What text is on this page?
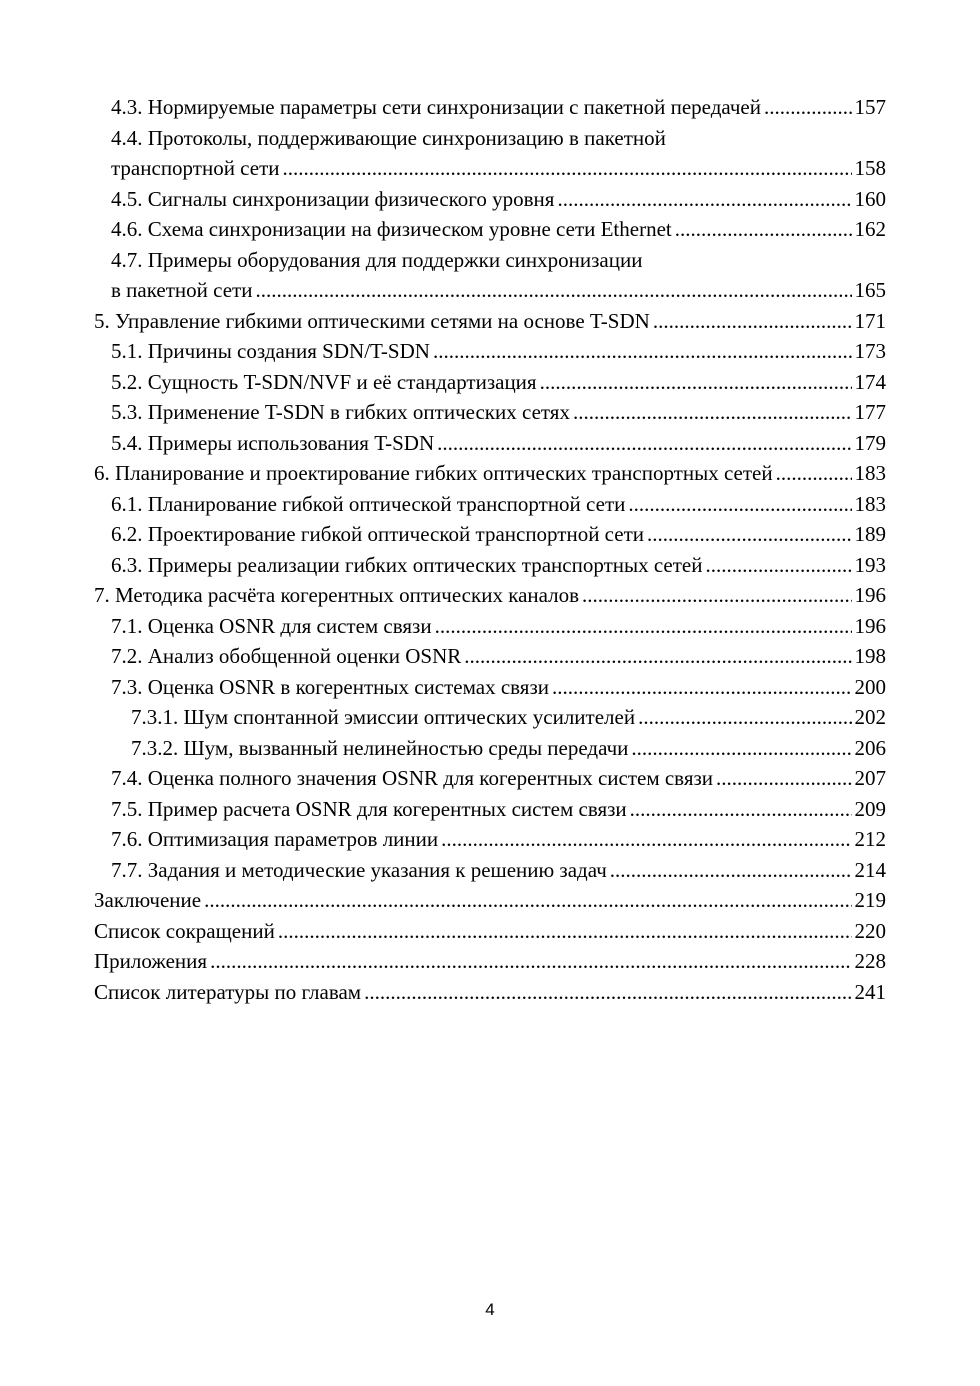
4.3. Нормируемые параметры сети синхронизации с пакетной передачей .....	157
4.4. Протоколы, поддерживающие синхронизацию в пакетной
транспортной сети .....	158
4.5. Сигналы синхронизации физического уровня .....	160
4.6. Схема синхронизации на физическом уровне сети Ethernet .....	162
4.7. Примеры оборудования для поддержки синхронизации
в пакетной сети .....	165
5. Управление гибкими оптическими сетями на основе T-SDN .....	171
5.1. Причины создания SDN/T-SDN .....	173
5.2. Сущность T-SDN/NVF и её стандартизация .....	174
5.3. Применение T-SDN в гибких оптических сетях .....	177
5.4. Примеры использования T-SDN .....	179
6. Планирование и проектирование гибких оптических транспортных сетей .....	183
6.1. Планирование гибкой оптической транспортной сети .....	183
6.2. Проектирование гибкой оптической транспортной сети .....	189
6.3. Примеры реализации гибких оптических транспортных сетей .....	193
7. Методика расчёта когерентных оптических каналов .....	196
7.1. Оценка OSNR для систем связи .....	196
7.2. Анализ обобщенной оценки OSNR .....	198
7.3. Оценка OSNR в когерентных системах связи .....	200
7.3.1. Шум спонтанной эмиссии оптических усилителей .....	202
7.3.2. Шум, вызванный нелинейностью среды передачи .....	206
7.4. Оценка полного значения OSNR для когерентных систем связи .....	207
7.5. Пример расчета OSNR для когерентных систем связи .....	209
7.6. Оптимизация параметров линии .....	212
7.7. Задания и методические указания к решению задач .....	214
Заключение .....	219
Список сокращений .....	220
Приложения .....	228
Список литературы по главам .....	241
4
